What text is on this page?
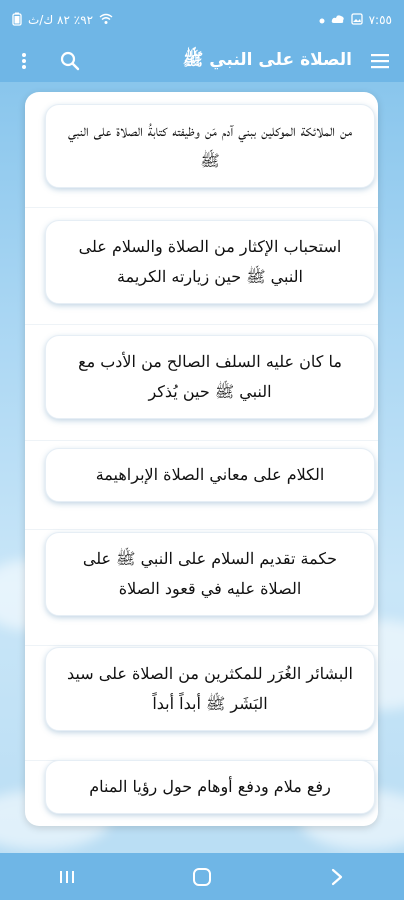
٩٢٪ ٨٢ ك/ث	٧:٥٥
الصلاة على النبي ﷺ
من الملائكة الموكلين ببني آدم مَن وظيفته كتابةُ الصلاة على النبي ﷺ
استحباب الإكثار من الصلاة والسلام على النبي ﷺ حين زيارته الكريمة
ما كان عليه السلف الصالح من الأدب مع النبي ﷺ حين يُذكر
الكلام على معاني الصلاة الإبراهيمة
حكمة تقديم السلام على النبي ﷺ على الصلاة عليه في قعود الصلاة
البشائر الغُرَر للمكثرين من الصلاة على سيد البَشَر ﷺ أبداً أبداً
رفع ملام ودفع أوهام حول رؤيا المنام
